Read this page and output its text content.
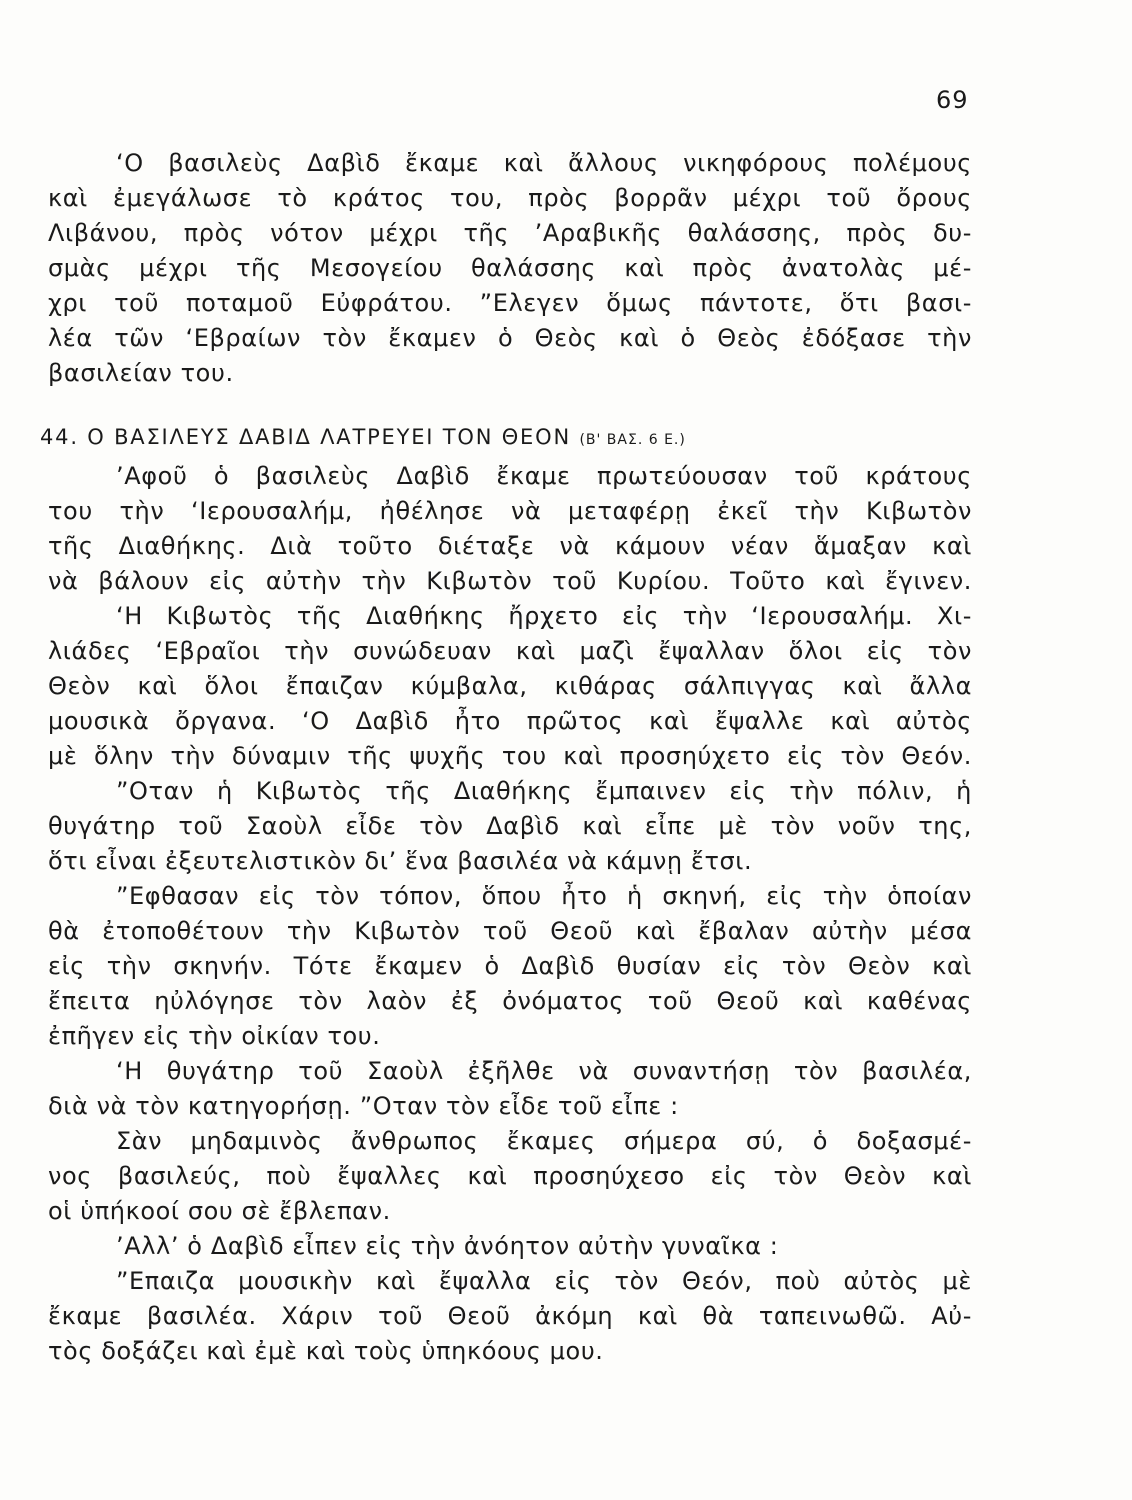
69
‘Ο βασιλεὺς Δαβὶδ ἔκαμε καὶ ἄλλους νικηφόρους πολέμους
καὶ ἐμεγάλωσε τὸ κράτος του, πρὸς βορρᾶν μέχρι τοῦ ὄρους
Λιβάνου, πρὸς νότον μέχρι τῆς ’Αραβικῆς θαλάσσης, πρὸς δυ-
σμὰς μέχρι τῆς Μεσογείου θαλάσσης καὶ πρὸς ἀνατολὰς μέ-
χρι τοῦ ποταμοῦ Εὐφράτου. ”Ελεγεν ὅμως πάντοτε, ὅτι βασι-
λέα τῶν ‘Εβραίων τὸν ἔκαμεν ὁ Θεὸς καὶ ὁ Θεὸς ἐδόξασε τὴν
βασιλείαν του.
44. Ο ΒΑΣΙΛΕΥΣ ΔΑΒΙΔ ΛΑΤΡΕΥΕΙ ΤΟΝ ΘΕΟΝ (Β' ΒΑΣ. 6 Ε.)
’Αφοῦ ὁ βασιλεὺς Δαβὶδ ἔκαμε πρωτεύουσαν τοῦ κράτους
του τὴν ‘Ιερουσαλήμ, ἠθέλησε νὰ μεταφέρῃ ἐκεῖ τὴν Κιβωτὸν
τῆς Διαθήκης. Διὰ τοῦτο διέταξε νὰ κάμουν νέαν ἅμαξαν καὶ
νὰ βάλουν εἰς αὐτὴν τὴν Κιβωτὸν τοῦ Κυρίου. Τοῦτο καὶ ἔγινεν.
‘Η Κιβωτὸς τῆς Διαθήκης ἤρχετο εἰς τὴν ‘Ιερουσαλήμ. Χι-
λιάδες ‘Εβραῖοι τὴν συνώδευαν καὶ μαζὶ ἔψαλλαν ὅλοι εἰς τὸν
Θεὸν καὶ ὅλοι ἔπαιζαν κύμβαλα, κιθάρας σάλπιγγας καὶ ἄλλα
μουσικὰ ὄργανα. ‘Ο Δαβὶδ ἦτο πρῶτος καὶ ἔψαλλε καὶ αὐτὸς
μὲ ὅλην τὴν δύναμιν τῆς ψυχῆς του καὶ προσηύχετο εἰς τὸν Θεόν.
”Οταν ἡ Κιβωτὸς τῆς Διαθήκης ἔμπαινεν εἰς τὴν πόλιν, ἡ
θυγάτηρ τοῦ Σαοὺλ εἶδε τὸν Δαβὶδ καὶ εἶπε μὲ τὸν νοῦν της,
ὅτι εἶναι ἐξευτελιστικὸν δι’ ἕνα βασιλέα νὰ κάμνῃ ἔτσι.
”Εφθασαν εἰς τὸν τόπον, ὅπου ἦτο ἡ σκηνή, εἰς τὴν ὁποίαν
θὰ ἐτοποθέτουν τὴν Κιβωτὸν τοῦ Θεοῦ καὶ ἔβαλαν αὐτὴν μέσα
εἰς τὴν σκηνήν. Τότε ἔκαμεν ὁ Δαβὶδ θυσίαν εἰς τὸν Θεὸν καὶ
ἔπειτα ηὐλόγησε τὸν λαὸν ἐξ ὀνόματος τοῦ Θεοῦ καὶ καθένας
ἐπῆγεν εἰς τὴν οἰκίαν του.
‘Η θυγάτηρ τοῦ Σαοὺλ ἐξῆλθε νὰ συναντήσῃ τὸν βασιλέα,
διὰ νὰ τὸν κατηγορήσῃ. ”Οταν τὸν εἶδε τοῦ εἶπε :
Σὰν μηδαμινὸς ἄνθρωπος ἔκαμες σήμερα σύ, ὁ δοξασμέ-
νος βασιλεύς, ποὺ ἔψαλλες καὶ προσηύχεσο εἰς τὸν Θεὸν καὶ
οἱ ὑπήκοοί σου σὲ ἔβλεπαν.
’Αλλ’ ὁ Δαβὶδ εἶπεν εἰς τὴν ἀνόητον αὐτὴν γυναῖκα :
”Επαιζα μουσικὴν καὶ ἔψαλλα εἰς τὸν Θεόν, ποὺ αὐτὸς μὲ
ἔκαμε βασιλέα. Χάριν τοῦ Θεοῦ ἀκόμη καὶ θὰ ταπεινωθῶ. Αὐ-
τὸς δοξάζει καὶ ἐμὲ καὶ τοὺς ὑπηκόους μου.
